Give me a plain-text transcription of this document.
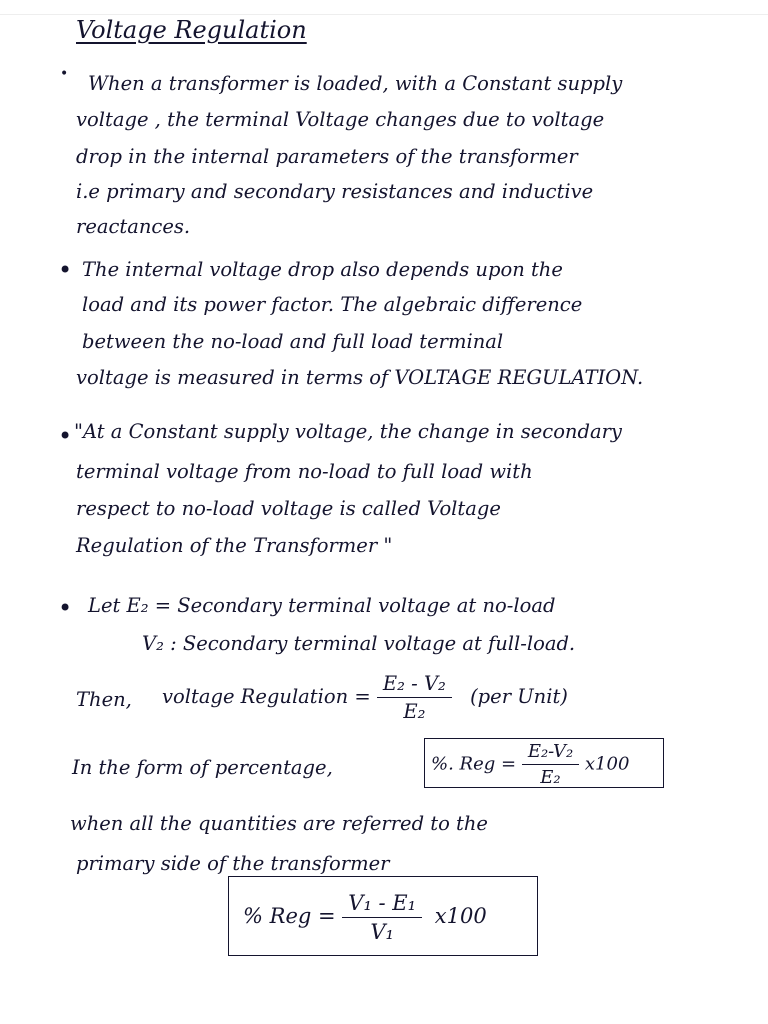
Voltage Regulation
• When a transformer is loaded, with a Constant supply
voltage , the terminal Voltage changes due to voltage
drop in the internal parameters of the transformer
i.e primary and secondary resistances and inductive
reactances.
• The internal voltage drop also depends upon the
load and its power factor. The algebraic difference
between the no-load and full load terminal
voltage is measured in terms of VOLTAGE REGULATION.
• "At a Constant supply voltage, the change in secondary
terminal voltage from no-load to full load with
respect to no-load voltage is called Voltage
Regulation of the Transformer "
• Let E₂ = Secondary terminal voltage at no-load
V₂ : Secondary terminal voltage at full-load.
Then, voltage Regulation = $\frac{\text{E₂ - V₂}}{\text{E₂}} (per$ Unit)
In the form of percentage,	%. Reg = $\frac{\text{E₂-V₂}}{\text{E₂}} x100$
when all the quantities are referred to the
primary side of the transformer
% Reg = $\frac{\text{V₁ - E₁}}{\text{V₁}} x100$
